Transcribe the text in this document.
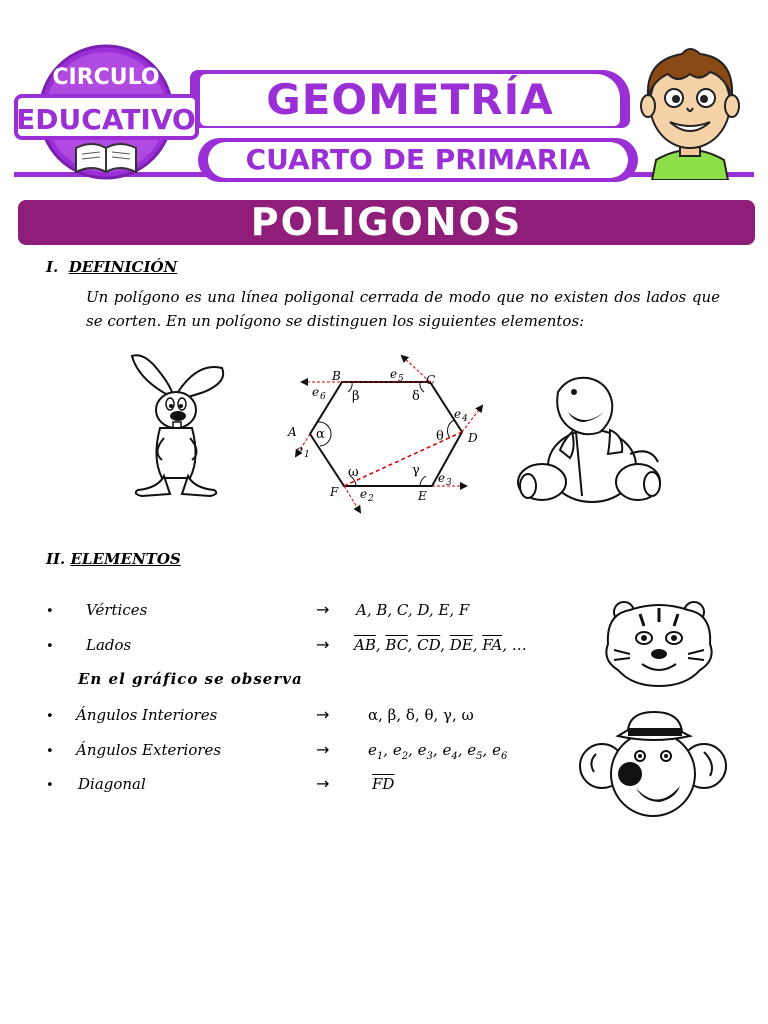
GEOMETRÍA
CUARTO DE PRIMARIA
CIRCULO
EDUCATIVO
POLIGONOS
I. DEFINICIÓN
Un polígono es una línea poligonal cerrada de modo que no existen dos lados que se corten. En un polígono se distinguen los siguientes elementos:
B	C
D
E
F
A α
β	δ
θ
γ
ω
e 6
e 5
e 4
e 3
e 2
e 1
II. ELEMENTOS
• Vértices	→ A, B, C, D, E, F
• Lados	→ $\overline{AB}$, $\overline{BC}$, $\overline{CD}$, $\overline{DE}$, $\overline{FA}$, …
En el gráfico se observa
• Ángulos Interiores	→	α, β, δ, θ, γ, ω
• Ángulos Exteriores	→	$e_1$, $e_2$, $e_3$, $e_4$, $e_5$, $e_6$
• Diagonal	→	$\overline{FD}$
